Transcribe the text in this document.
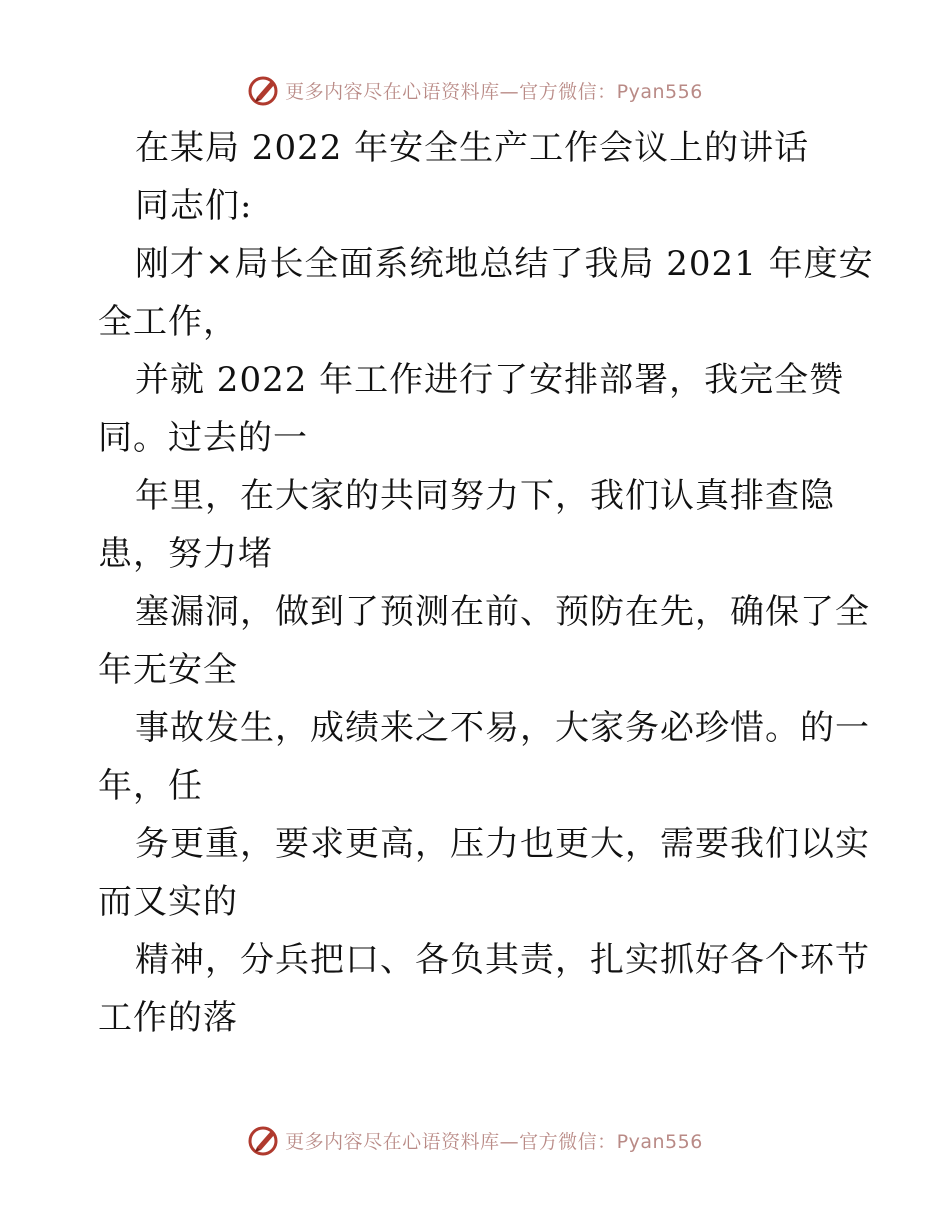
更多内容尽在心语资料库—官方微信：Pyan556
在某局 2022 年安全生产工作会议上的讲话
同志们:
刚才×局长全面系统地总结了我局 2021 年度安
全工作，
并就 2022 年工作进行了安排部署，我完全赞
同。过去的一
年里，在大家的共同努力下，我们认真排查隐
患，努力堵
塞漏洞，做到了预测在前、预防在先，确保了全
年无安全
事故发生，成绩来之不易，大家务必珍惜。的一
年，任
务更重，要求更高，压力也更大，需要我们以实
而又实的
精神，分兵把口、各负其责，扎实抓好各个环节
工作的落
更多内容尽在心语资料库—官方微信：Pyan556
